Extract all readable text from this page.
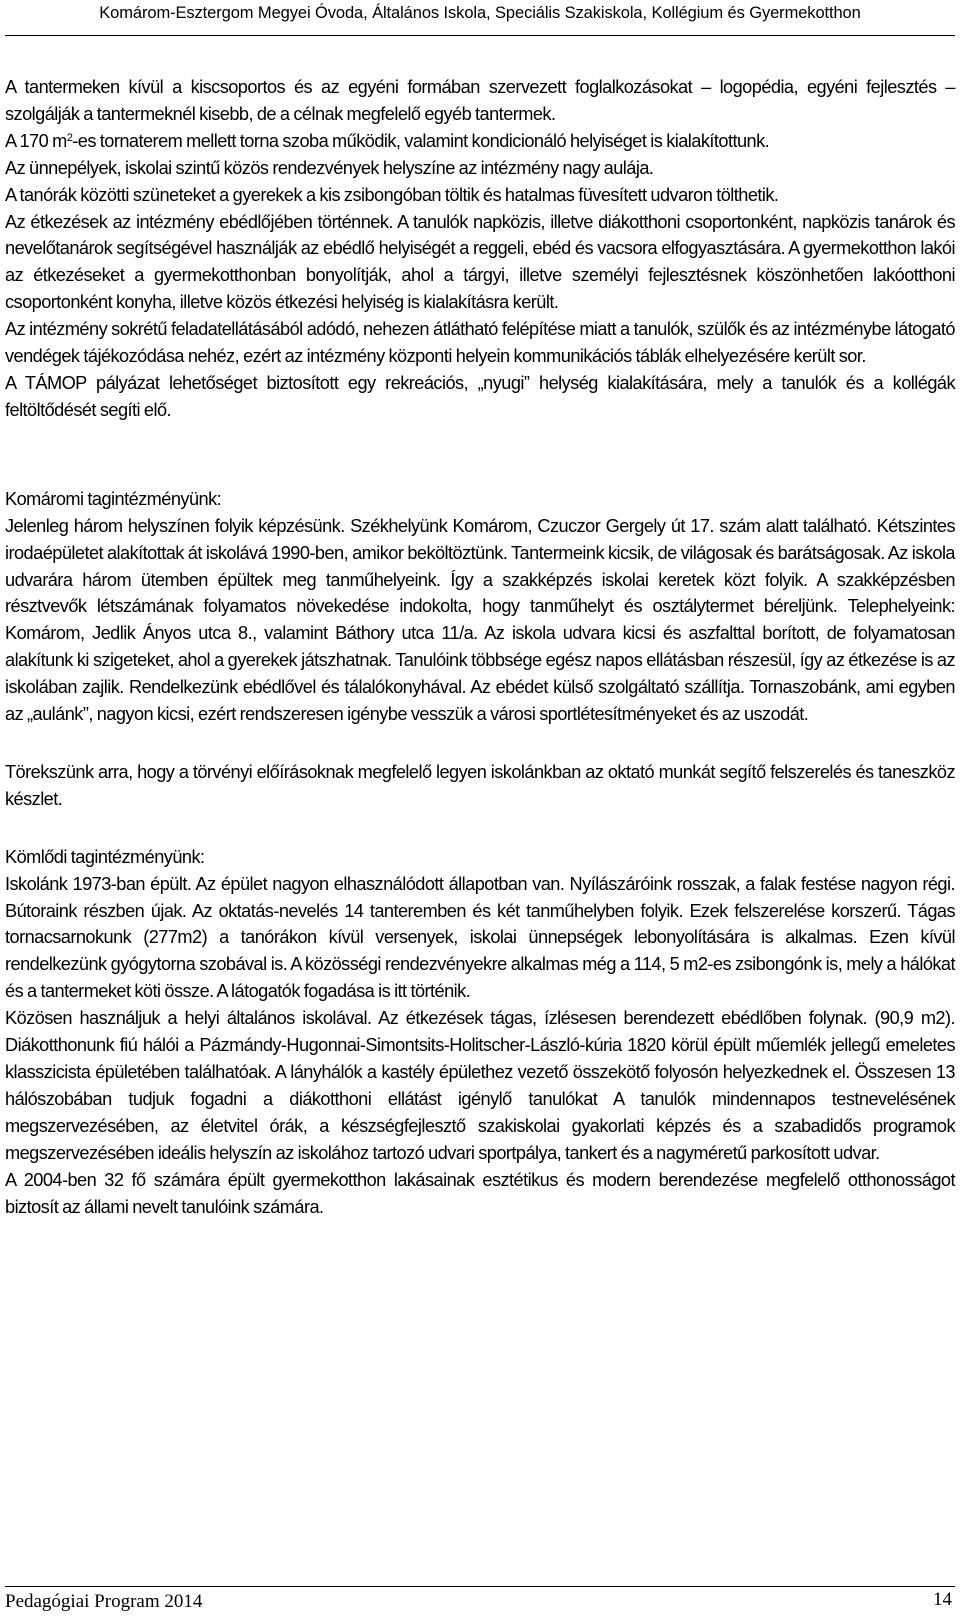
Komárom-Esztergom Megyei Óvoda, Általános Iskola, Speciális Szakiskola, Kollégium és Gyermekotthon

A tantermeken kívül a kiscsoportos és az egyéni formában szervezett foglalkozásokat – logopédia, egyéni fejlesztés – szolgálják a tantermeknél kisebb, de a célnak megfelelő egyéb tantermek.

A 170 $m^2-es$ tornaterem mellett torna szoba működik, valamint kondicionáló helyiséget is kialakítottunk.

Az ünnepélyek, iskolai szintű közös rendezvények helyszíne az intézmény nagy aulája.

A tanórák közötti szüneteket a gyerekek a kis zsibongóban töltik és hatalmas füvesített udvaron tölthetik.

Az étkezések az intézmény ebédlőjében történnek. A tanulók napközis, illetve diákotthoni csoportonként, napközis tanárok és nevelőtanárok segítségével használják az ebédlő helyiségét a reggeli, ebéd és vacsora elfogyasztására. A gyermekotthon lakói az étkezéseket a gyermekotthonban bonyolítják, ahol a tárgyi, illetve személyi fejlesztésnek köszönhetően lakóotthoni csoportonként konyha, illetve közös étkezési helyiség is kialakításra került.

Az intézmény sokrétű feladatellátásából adódó, nehezen átlátható felépítése miatt a tanulók, szülők és az intézménybe látogató vendégek tájékozódása nehéz, ezért az intézmény központi helyein kommunikációs táblák elhelyezésére került sor.

A TÁMOP pályázat lehetőséget biztosított egy rekreációs, „nyugi” helység kialakítására, mely a tanulók és a kollégák feltöltődését segíti elő.

Komáromi tagintézményünk:

Jelenleg három helyszínen folyik képzésünk. Székhelyünk Komárom, Czuczor Gergely út 17. szám alatt található. Kétszintes irodaépületet alakítottak át iskolává 1990-ben, amikor beköltöztünk. Tantermeink kicsik, de világosak és barátságosak. Az iskola udvarára három ütemben épültek meg tanműhelyeink. Így a szakképzés iskolai keretek közt folyik. A szakképzésben résztvevők létszámának folyamatos növekedése indokolta, hogy tanműhelyt és osztálytermet béreljünk. Telephelyeink: Komárom, Jedlik Ányos utca 8., valamint Báthory utca 11/a. Az iskola udvara kicsi és aszfalttal borított, de folyamatosan alakítunk ki szigeteket, ahol a gyerekek játszhatnak. Tanulóink többsége egész napos ellátásban részesül, így az étkezése is az iskolában zajlik. Rendelkezünk ebédlővel és tálalókonyhával. Az ebédet külső szolgáltató szállítja. Tornaszobánk, ami egyben az „aulánk”, nagyon kicsi, ezért rendszeresen igénybe vesszük a városi sportlétesítményeket és az uszodát.

Törekszünk arra, hogy a törvényi előírásoknak megfelelő legyen iskolánkban az oktató munkát segítő felszerelés és taneszköz készlet.

Kömlődi tagintézményünk:

Iskolánk 1973-ban épült. Az épület nagyon elhasználódott állapotban van. Nyílászáróink rosszak, a falak festése nagyon régi. Bútoraink részben újak. Az oktatás-nevelés 14 tanteremben és két tanműhelyben folyik. Ezek felszerelése korszerű. Tágas tornacsarnokunk (277m2) a tanórákon kívül versenyek, iskolai ünnepségek lebonyolítására is alkalmas. Ezen kívül rendelkezünk gyógytorna szobával is. A közösségi rendezvényekre alkalmas még a 114, 5 m2-es zsibongónk is, mely a hálókat és a tantermeket köti össze. A látogatók fogadása is itt történik.

Közösen használjuk a helyi általános iskolával. Az étkezések tágas, ízlésesen berendezett ebédlőben folynak. (90,9 m2). Diákotthonunk fiú hálói a Pázmándy-Hugonnai-Simontsits-Holitscher-László-kúria 1820 körül épült műemlék jellegű emeletes klasszicista épületében találhatóak. A lányhálók a kastély épülethez vezető összekötő folyosón helyezkednek el. Összesen 13 hálószobában tudjuk fogadni a diákotthoni ellátást igénylő tanulókat A tanulók mindennapos testnevelésének megszervezésében, az életvitel órák, a készségfejlesztő szakiskolai gyakorlati képzés és a szabadidős programok megszervezésében ideális helyszín az iskolához tartozó udvari sportpálya, tankert és a nagyméretű parkosított udvar.

A 2004-ben 32 fő számára épült gyermekotthon lakásainak esztétikus és modern berendezése megfelelő otthonosságot biztosít az állami nevelt tanulóink számára.

Pedagógiai Program 2014	14
